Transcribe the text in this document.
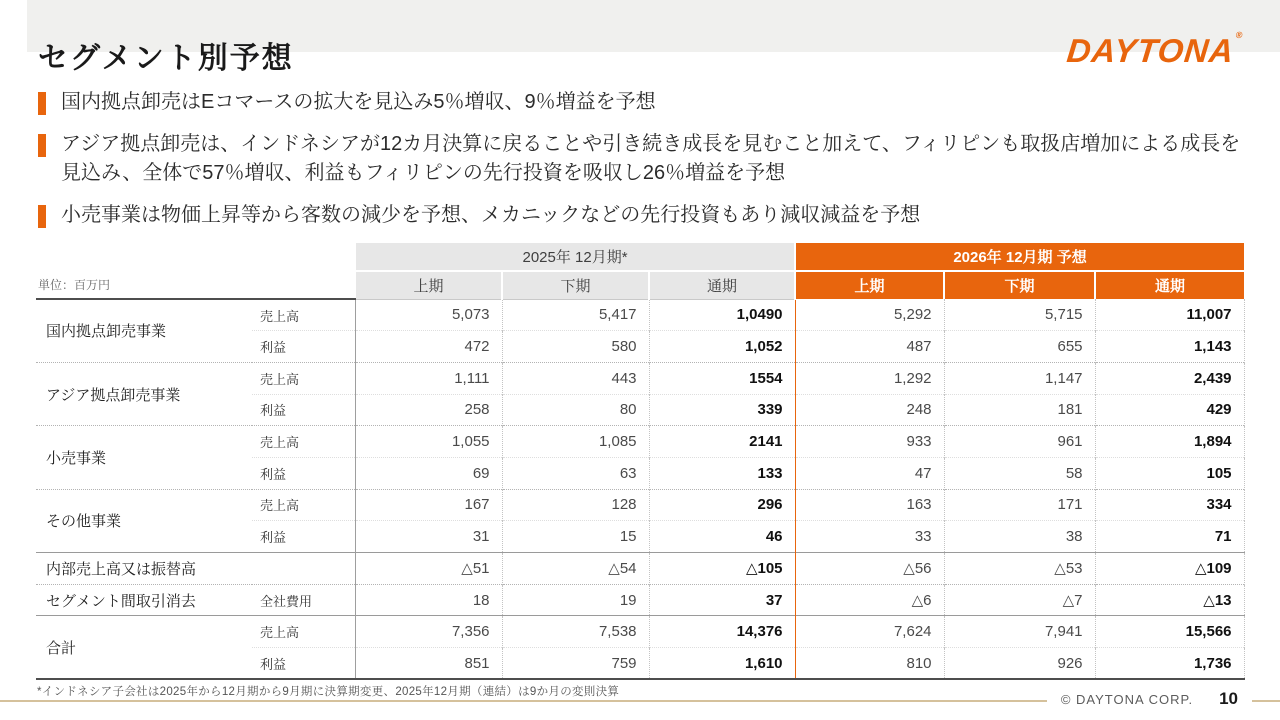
セグメント別予想	DAYTONA®
国内拠点卸売はEコマースの拡大を見込み5％増収、9％増益を予想
アジア拠点卸売は、インドネシアが12カ月決算に戻ることや引き続き成長を見むこと加えて、フィリピンも取扱店増加による成長を見込み、全体で57％増収、利益もフィリピンの先行投資を吸収し26％増益を予想
小売事業は物価上昇等から客数の減少を予想、メカニックなどの先行投資もあり減収減益を予想
単位：百万円		2025年 12月期*			2026年 12月期 予想		
		上期	下期	通期	上期	下期	通期
国内拠点卸売事業	売上高	5,073	5,417	1,0490	5,292	5,715	11,007
	利益	472	580	1,052	487	655	1,143
アジア拠点卸売事業	売上高	1,111	443	1554	1,292	1,147	2,439
	利益	258	80	339	248	181	429
小売事業	売上高	1,055	1,085	2141	933	961	1,894
	利益	69	63	133	47	58	105
その他事業	売上高	167	128	296	163	171	334
	利益	31	15	46	33	38	71
内部売上高又は振替高		△51	△54	△105	△56	△53	△109
セグメント間取引消去	全社費用	18	19	37	△6	△7	△13
合計	売上高	7,356	7,538	14,376	7,624	7,941	15,566
	利益	851	759	1,610	810	926	1,736
*インドネシア子会社は2025年から12月期から9月期に決算期変更、2025年12月期（連結）は9か月の変則決算	© DAYTONA CORP. 10
